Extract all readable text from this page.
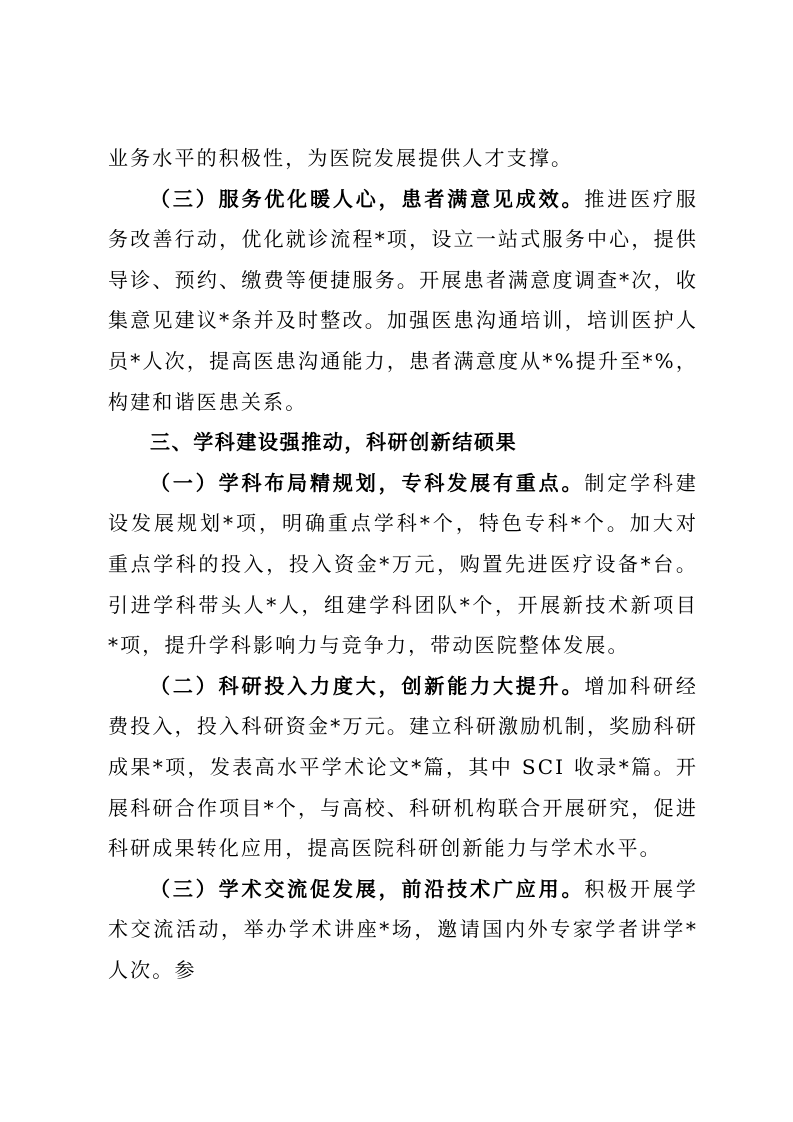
业务水平的积极性，为医院发展提供人才支撑。

（三）服务优化暖人心，患者满意见成效。推进医疗服务改善行动，优化就诊流程*项，设立一站式服务中心，提供导诊、预约、缴费等便捷服务。开展患者满意度调查*次，收集意见建议*条并及时整改。加强医患沟通培训，培训医护人员*人次，提高医患沟通能力，患者满意度从*%提升至*%，构建和谐医患关系。

三、学科建设强推动，科研创新结硕果

（一）学科布局精规划，专科发展有重点。制定学科建设发展规划*项，明确重点学科*个，特色专科*个。加大对重点学科的投入，投入资金*万元，购置先进医疗设备*台。引进学科带头人*人，组建学科团队*个，开展新技术新项目*项，提升学科影响力与竞争力，带动医院整体发展。

（二）科研投入力度大，创新能力大提升。增加科研经费投入，投入科研资金*万元。建立科研激励机制，奖励科研成果*项，发表高水平学术论文*篇，其中 SCI 收录*篇。开展科研合作项目*个，与高校、科研机构联合开展研究，促进科研成果转化应用，提高医院科研创新能力与学术水平。

（三）学术交流促发展，前沿技术广应用。积极开展学术交流活动，举办学术讲座*场，邀请国内外专家学者讲学*人次。参
